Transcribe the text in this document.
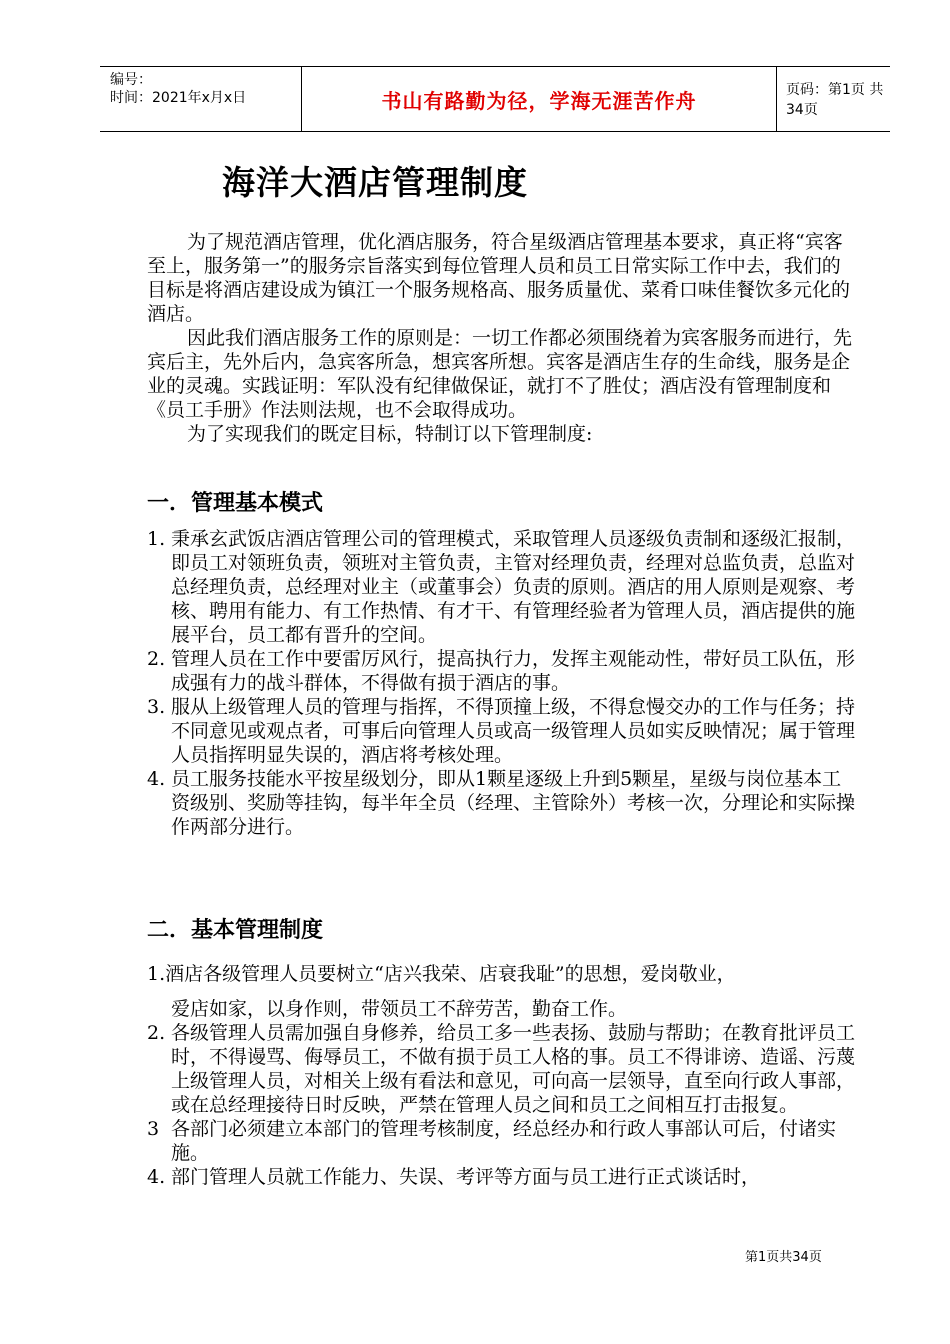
编号：
时间：2021年x月x日	书山有路勤为径，学海无涯苦作舟	页码：第1页 共34页
海洋大酒店管理制度

为了规范酒店管理，优化酒店服务，符合星级酒店管理基本要求，真正将“宾客至上，服务第一”的服务宗旨落实到每位管理人员和员工日常实际工作中去，我们的目标是将酒店建设成为镇江一个服务规格高、服务质量优、菜肴口味佳餐饮多元化的酒店。

因此我们酒店服务工作的原则是：一切工作都必须围绕着为宾客服务而进行，先宾后主，先外后内，急宾客所急，想宾客所想。宾客是酒店生存的生命线，服务是企业的灵魂。实践证明：军队没有纪律做保证，就打不了胜仗；酒店没有管理制度和《员工手册》作法则法规，也不会取得成功。

为了实现我们的既定目标，特制订以下管理制度:

一．管理基本模式
1. 秉承玄武饭店酒店管理公司的管理模式，采取管理人员逐级负责制和逐级汇报制，即员工对领班负责，领班对主管负责，主管对经理负责，经理对总监负责，总监对总经理负责，总经理对业主（或董事会）负责的原则。酒店的用人原则是观察、考核、聘用有能力、有工作热情、有才干、有管理经验者为管理人员，酒店提供的施展平台，员工都有晋升的空间。
2. 管理人员在工作中要雷厉风行，提高执行力，发挥主观能动性，带好员工队伍，形成强有力的战斗群体，不得做有损于酒店的事。
3. 服从上级管理人员的管理与指挥，不得顶撞上级，不得怠慢交办的工作与任务；持不同意见或观点者，可事后向管理人员或高一级管理人员如实反映情况；属于管理人员指挥明显失误的，酒店将考核处理。
4. 员工服务技能水平按星级划分，即从1颗星逐级上升到5颗星，星级与岗位基本工资级别、奖励等挂钩，每半年全员（经理、主管除外）考核一次，分理论和实际操作两部分进行。
二．基本管理制度
1.酒店各级管理人员要树立“店兴我荣、店衰我耻”的思想，爱岗敬业，
爱店如家，以身作则，带领员工不辞劳苦，勤奋工作。
2. 各级管理人员需加强自身修养，给员工多一些表扬、鼓励与帮助；在教育批评员工时，不得谩骂、侮辱员工，不做有损于员工人格的事。员工不得诽谤、造谣、污蔑上级管理人员，对相关上级有看法和意见，可向高一层领导，直至向行政人事部，或在总经理接待日时反映，严禁在管理人员之间和员工之间相互打击报复。
3 各部门必须建立本部门的管理考核制度，经总经办和行政人事部认可后，付诸实施。
4. 部门管理人员就工作能力、失误、考评等方面与员工进行正式谈话时，
第1页共34页
